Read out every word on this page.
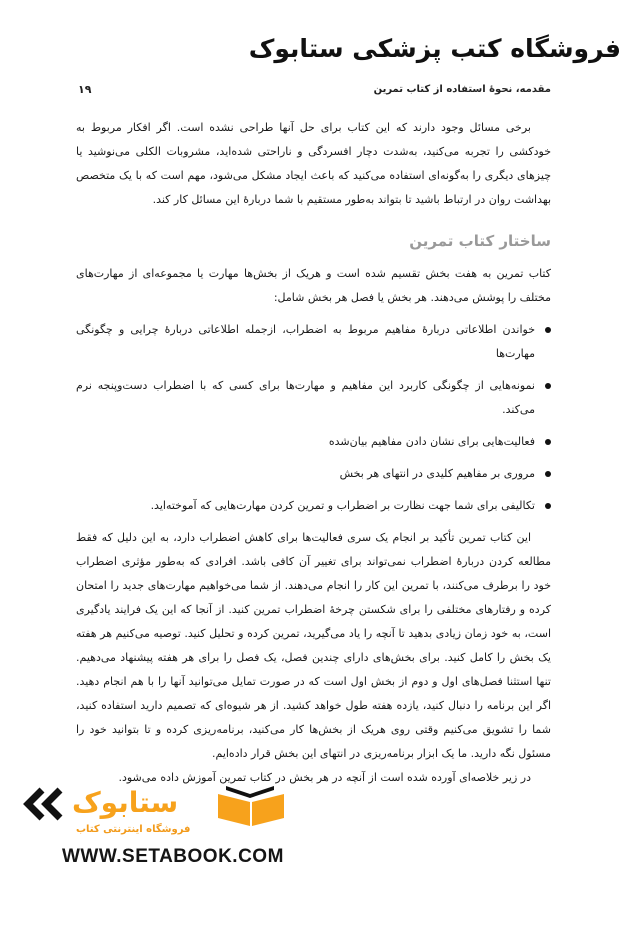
فروشگاه کتب پزشکی ستابوک
مقدمه، نحوهٔ استفاده از کتاب تمرین
۱۹

برخی مسائل وجود دارند که این کتاب برای حل آنها طراحی نشده است. اگر افکار مربوط به خودکشی را تجربه می‌کنید، به‌شدت دچار افسردگی و ناراحتی شده‌اید، مشروبات الکلی می‌نوشید یا چیزهای دیگری را به‌گونه‌ای استفاده می‌کنید که باعث ایجاد مشکل می‌شود، مهم است که با یک متخصص بهداشت روان در ارتباط باشید تا بتواند به‌طور مستقیم با شما دربارهٔ این مسائل کار کند.

ساختار کتاب تمرین

کتاب تمرین به هفت بخش تقسیم شده است و هریک از بخش‌ها مهارت یا مجموعه‌ای از مهارت‌های مختلف را پوشش می‌دهند. هر بخش یا فصل هر بخش شامل:

خواندن اطلاعاتی دربارهٔ مفاهیم مربوط به اضطراب، ازجمله اطلاعاتی دربارهٔ چرایی و چگونگی مهارت‌ها
نمونه‌هایی از چگونگی کاربرد این مفاهیم و مهارت‌ها برای کسی که با اضطراب دست‌وپنجه نرم می‌کند.
فعالیت‌هایی برای نشان دادن مفاهیم بیان‌شده
مروری بر مفاهیم کلیدی در انتهای هر بخش
تکالیفی برای شما جهت نظارت بر اضطراب و تمرین کردن مهارت‌هایی که آموخته‌اید.

این کتاب تمرین تأکید بر انجام یک سری فعالیت‌ها برای کاهش اضطراب دارد، به این دلیل که فقط مطالعه کردن دربارهٔ اضطراب نمی‌تواند برای تغییر آن کافی باشد. افرادی که به‌طور مؤثری اضطراب خود را برطرف می‌کنند، با تمرین این کار را انجام می‌دهند. از شما می‌خواهیم مهارت‌های جدید را امتحان کرده و رفتارهای مختلفی را برای شکستن چرخهٔ اضطراب تمرین کنید. از آنجا که این یک فرایند یادگیری است، به خود زمان زیادی بدهید تا آنچه را یاد می‌گیرید، تمرین کرده و تحلیل کنید. توصیه می‌کنیم هر هفته یک بخش را کامل کنید. برای بخش‌های دارای چندین فصل، یک فصل را برای هر هفته پیشنهاد می‌دهیم. تنها استثنا فصل‌های اول و دوم از بخش اول است که در صورت تمایل می‌توانید آنها را با هم انجام دهید. اگر این برنامه را دنبال کنید، یازده هفته طول خواهد کشید. از هر شیوه‌ای که تصمیم دارید استفاده کنید، شما را تشویق می‌کنیم وقتی روی هریک از بخش‌ها کار می‌کنید، برنامه‌ریزی کرده و تا بتوانید خود را مسئول نگه دارید. ما یک ابزار برنامه‌ریزی در انتهای این بخش قرار داده‌ایم.

در زیر خلاصه‌ای آورده شده است از آنچه در هر بخش در کتاب تمرین آموزش داده می‌شود.

ستابوک
فروشگاه اینترنتی کتاب
WWW.SETABOOK.COM
